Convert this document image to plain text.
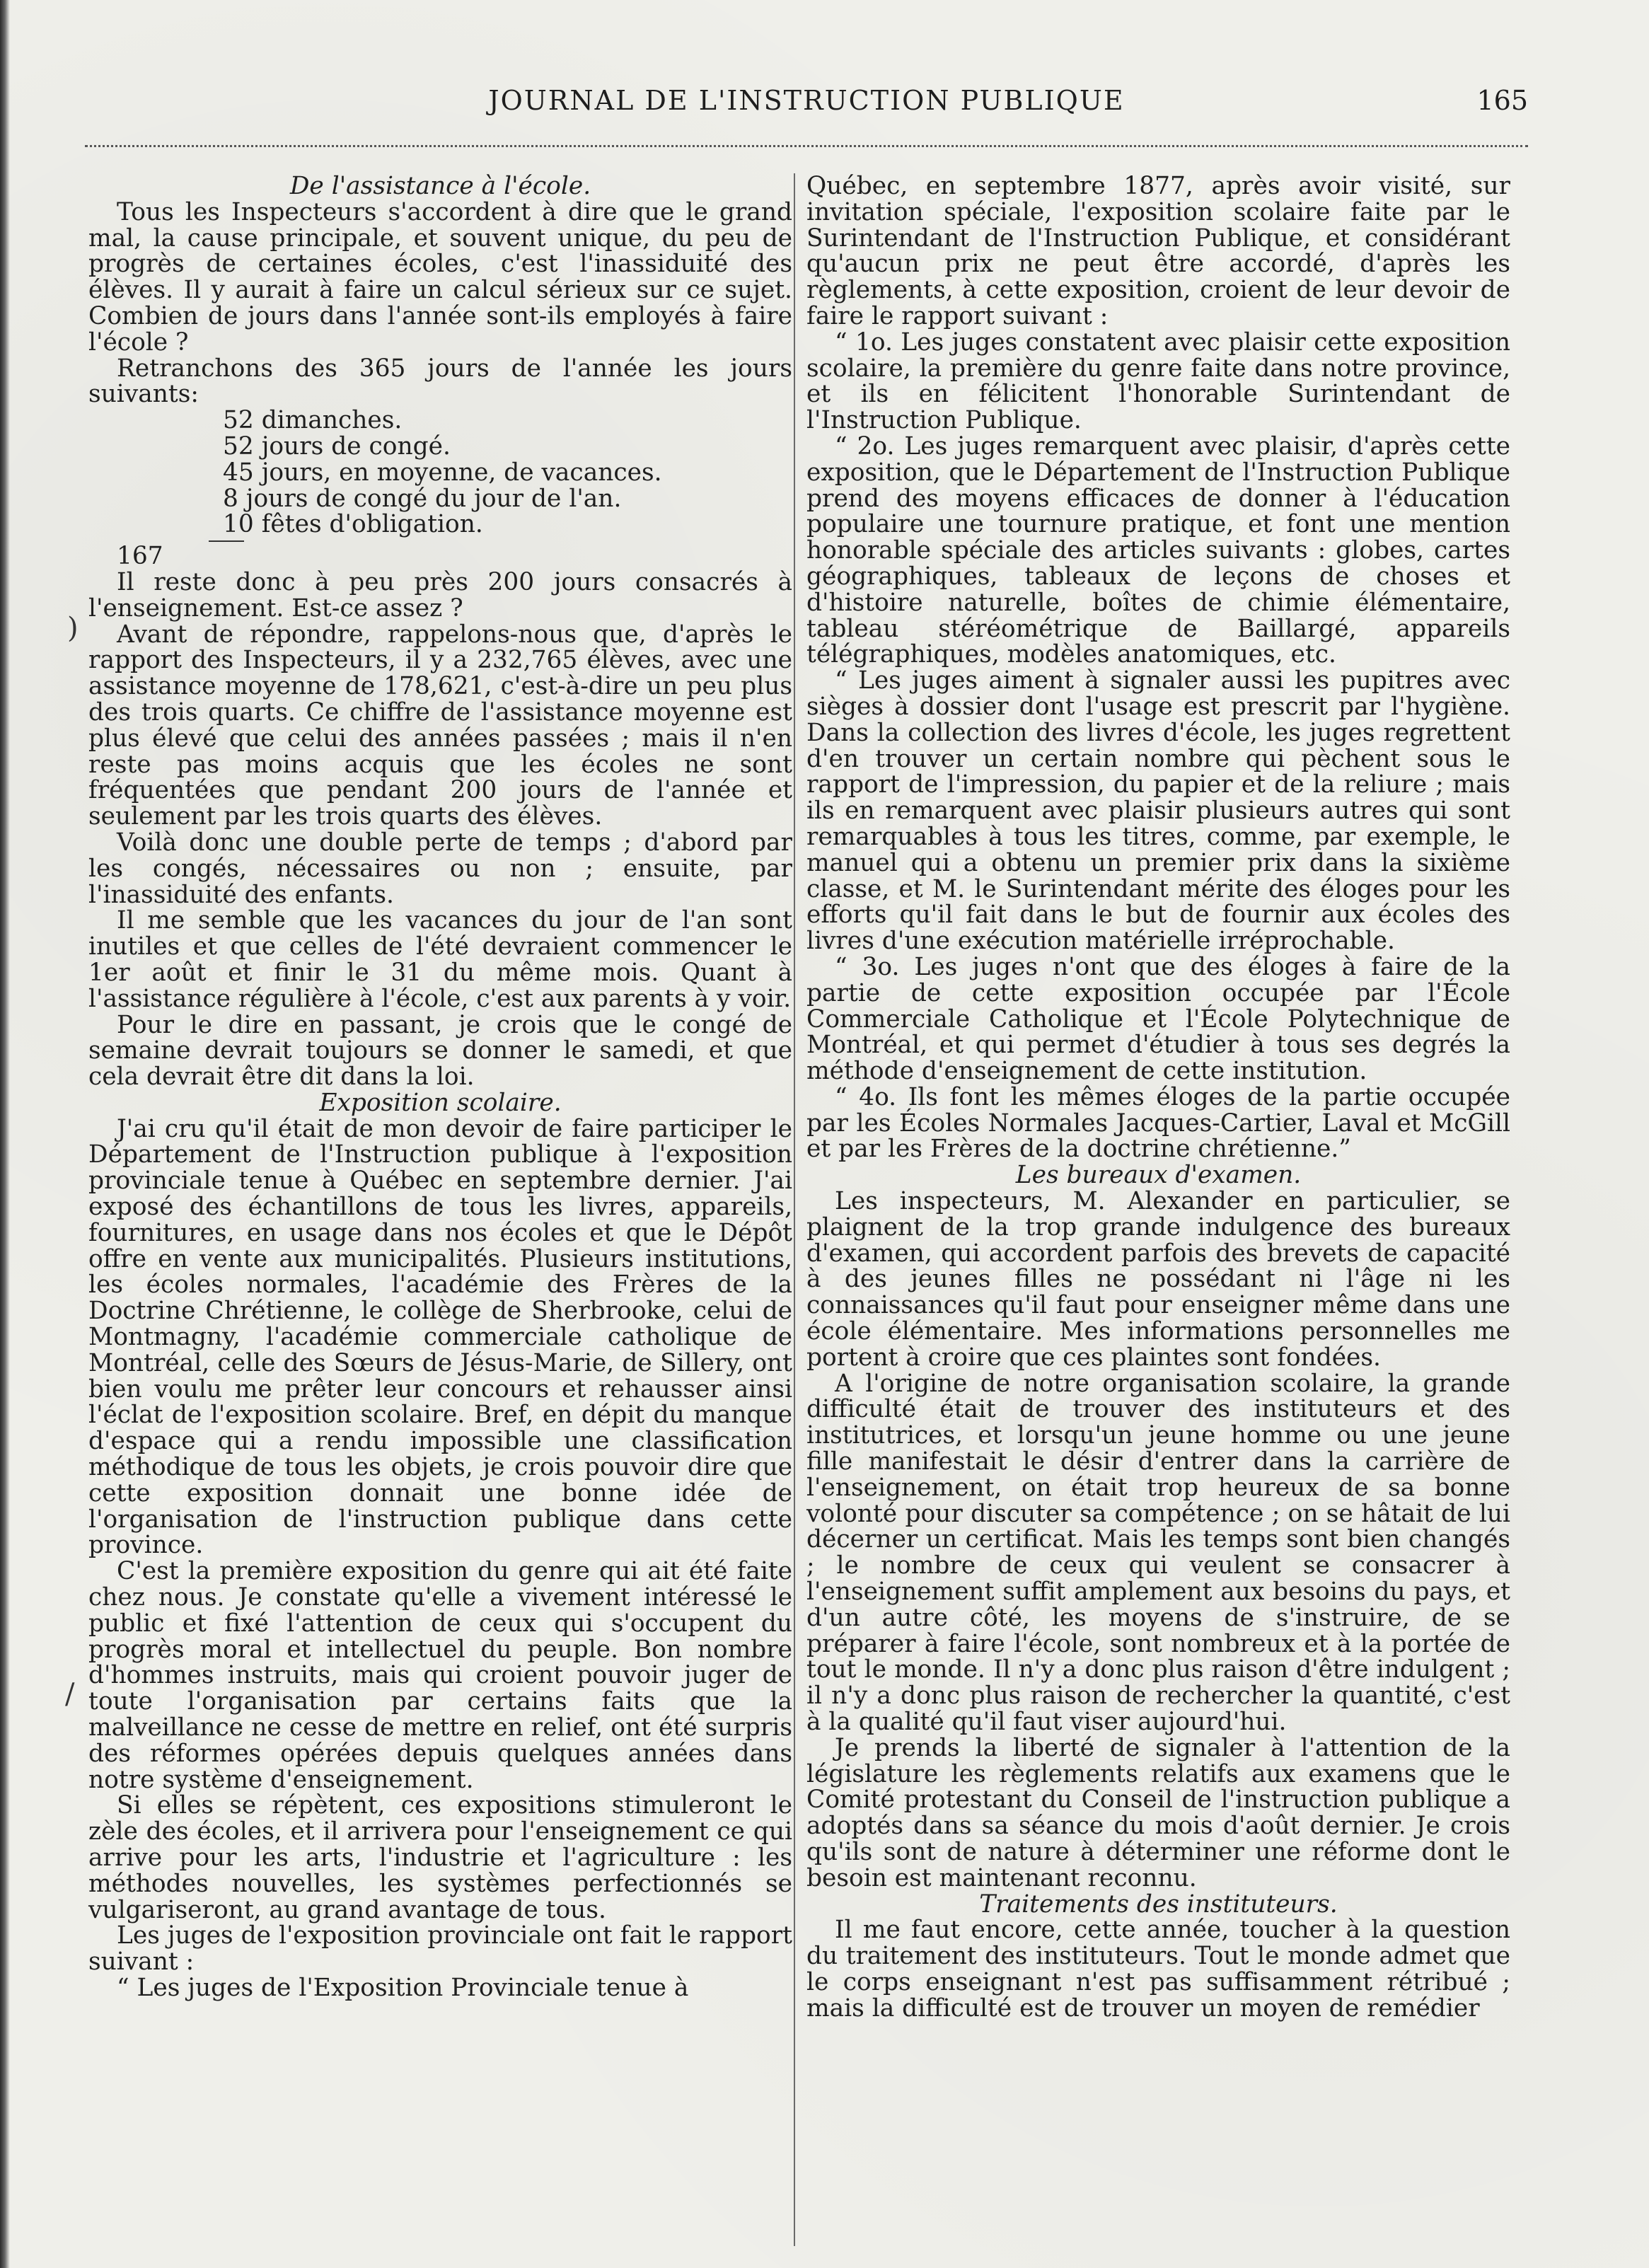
JOURNAL DE L'INSTRUCTION PUBLIQUE	165
)
/

De l'assistance à l'école.

Tous les Inspecteurs s'accordent à dire que le grand mal, la cause principale, et souvent unique, du peu de progrès de certaines écoles, c'est l'inassiduité des élèves. Il y aurait à faire un calcul sérieux sur ce sujet. Combien de jours dans l'année sont-ils employés à faire l'école ?

Retranchons des 365 jours de l'année les jours suivants:

52 dimanches.
52 jours de congé.
45 jours, en moyenne, de vacances.
8 jours de congé du jour de l'an.
10 fêtes d'obligation.

167

Il reste donc à peu près 200 jours consacrés à l'enseignement. Est-ce assez ?

Avant de répondre, rappelons-nous que, d'après le rapport des Inspecteurs, il y a 232,765 élèves, avec une assistance moyenne de 178,621, c'est-à-dire un peu plus des trois quarts. Ce chiffre de l'assistance moyenne est plus élevé que celui des années passées ; mais il n'en reste pas moins acquis que les écoles ne sont fréquentées que pendant 200 jours de l'année et seulement par les trois quarts des élèves.

Voilà donc une double perte de temps ; d'abord par les congés, nécessaires ou non ; ensuite, par l'inassiduité des enfants.

Il me semble que les vacances du jour de l'an sont inutiles et que celles de l'été devraient commencer le 1er août et finir le 31 du même mois. Quant à l'assistance régulière à l'école, c'est aux parents à y voir.

Pour le dire en passant, je crois que le congé de semaine devrait toujours se donner le samedi, et que cela devrait être dit dans la loi.

Exposition scolaire.

J'ai cru qu'il était de mon devoir de faire participer le Département de l'Instruction publique à l'exposition provinciale tenue à Québec en septembre dernier. J'ai exposé des échantillons de tous les livres, appareils, fournitures, en usage dans nos écoles et que le Dépôt offre en vente aux municipalités. Plusieurs institutions, les écoles normales, l'académie des Frères de la Doctrine Chrétienne, le collège de Sherbrooke, celui de Montmagny, l'académie commerciale catholique de Montréal, celle des Sœurs de Jésus-Marie, de Sillery, ont bien voulu me prêter leur concours et rehausser ainsi l'éclat de l'exposition scolaire. Bref, en dépit du manque d'espace qui a rendu impossible une classification méthodique de tous les objets, je crois pouvoir dire que cette exposition donnait une bonne idée de l'organisation de l'instruction publique dans cette province.

C'est la première exposition du genre qui ait été faite chez nous. Je constate qu'elle a vivement intéressé le public et fixé l'attention de ceux qui s'occupent du progrès moral et intellectuel du peuple. Bon nombre d'hommes instruits, mais qui croient pouvoir juger de toute l'organisation par certains faits que la malveillance ne cesse de mettre en relief, ont été surpris des réformes opérées depuis quelques années dans notre système d'enseignement.

Si elles se répètent, ces expositions stimuleront le zèle des écoles, et il arrivera pour l'enseignement ce qui arrive pour les arts, l'industrie et l'agriculture : les méthodes nouvelles, les systèmes perfectionnés se vulgariseront, au grand avantage de tous.

Les juges de l'exposition provinciale ont fait le rapport suivant :

“ Les juges de l'Exposition Provinciale tenue à

Québec, en septembre 1877, après avoir visité, sur invitation spéciale, l'exposition scolaire faite par le Surintendant de l'Instruction Publique, et considérant qu'aucun prix ne peut être accordé, d'après les règlements, à cette exposition, croient de leur devoir de faire le rapport suivant :

“ 1o. Les juges constatent avec plaisir cette exposition scolaire, la première du genre faite dans notre province, et ils en félicitent l'honorable Surintendant de l'Instruction Publique.

“ 2o. Les juges remarquent avec plaisir, d'après cette exposition, que le Département de l'Instruction Publique prend des moyens efficaces de donner à l'éducation populaire une tournure pratique, et font une mention honorable spéciale des articles suivants : globes, cartes géographiques, tableaux de leçons de choses et d'histoire naturelle, boîtes de chimie élémentaire, tableau stéréométrique de Baillargé, appareils télégraphiques, modèles anatomiques, etc.

“ Les juges aiment à signaler aussi les pupitres avec sièges à dossier dont l'usage est prescrit par l'hygiène. Dans la collection des livres d'école, les juges regrettent d'en trouver un certain nombre qui pèchent sous le rapport de l'impression, du papier et de la reliure ; mais ils en remarquent avec plaisir plusieurs autres qui sont remarquables à tous les titres, comme, par exemple, le manuel qui a obtenu un premier prix dans la sixième classe, et M. le Surintendant mérite des éloges pour les efforts qu'il fait dans le but de fournir aux écoles des livres d'une exécution matérielle irréprochable.

“ 3o. Les juges n'ont que des éloges à faire de la partie de cette exposition occupée par l'École Commerciale Catholique et l'École Polytechnique de Montréal, et qui permet d'étudier à tous ses degrés la méthode d'enseignement de cette institution.

“ 4o. Ils font les mêmes éloges de la partie occupée par les Écoles Normales Jacques-Cartier, Laval et McGill et par les Frères de la doctrine chrétienne.”

Les bureaux d'examen.

Les inspecteurs, M. Alexander en particulier, se plaignent de la trop grande indulgence des bureaux d'examen, qui accordent parfois des brevets de capacité à des jeunes filles ne possédant ni l'âge ni les connaissances qu'il faut pour enseigner même dans une école élémentaire. Mes informations personnelles me portent à croire que ces plaintes sont fondées.

A l'origine de notre organisation scolaire, la grande difficulté était de trouver des instituteurs et des institutrices, et lorsqu'un jeune homme ou une jeune fille manifestait le désir d'entrer dans la carrière de l'enseignement, on était trop heureux de sa bonne volonté pour discuter sa compétence ; on se hâtait de lui décerner un certificat. Mais les temps sont bien changés ; le nombre de ceux qui veulent se consacrer à l'enseignement suffit amplement aux besoins du pays, et d'un autre côté, les moyens de s'instruire, de se préparer à faire l'école, sont nombreux et à la portée de tout le monde. Il n'y a donc plus raison d'être indulgent ; il n'y a donc plus raison de rechercher la quantité, c'est à la qualité qu'il faut viser aujourd'hui.

Je prends la liberté de signaler à l'attention de la législature les règlements relatifs aux examens que le Comité protestant du Conseil de l'instruction publique a adoptés dans sa séance du mois d'août dernier. Je crois qu'ils sont de nature à déterminer une réforme dont le besoin est maintenant reconnu.

Traitements des instituteurs.

Il me faut encore, cette année, toucher à la question du traitement des instituteurs. Tout le monde admet que le corps enseignant n'est pas suffisamment rétribué ; mais la difficulté est de trouver un moyen de remédier
